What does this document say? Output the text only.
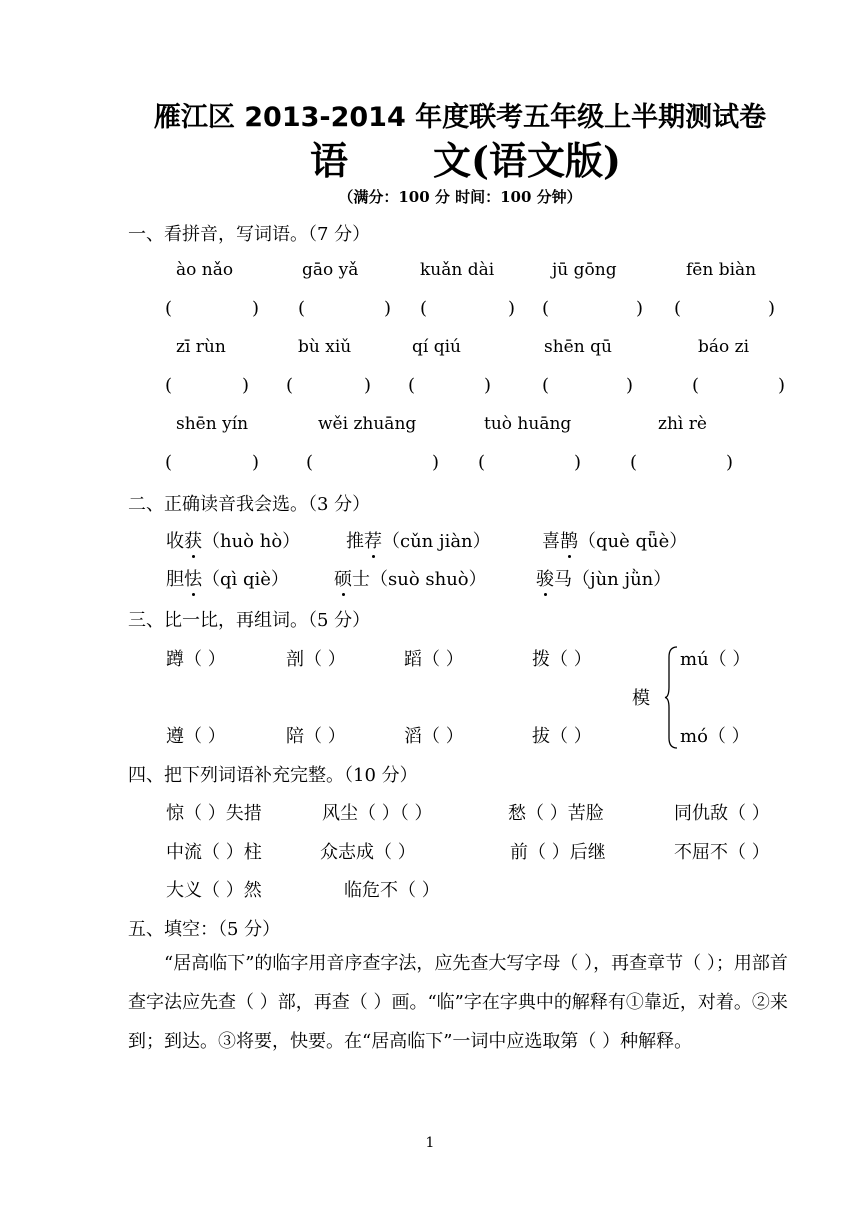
雁江区 2013-2014 年度联考五年级上半期测试卷
语 文(语文版)
（满分：100 分 时间：100 分钟）
一、看拼音，写词语。（7 分）
ào nǎo	gāo yǎ	kuǎn dài	jū gōng	fēn biàn
(	) (	) (	) (	) (	)
zī rùn	bù xiǔ	qí qiú	shēn qū	báo zi
(	) (	) (	)	(	)	(	)
shēn yín	wěi zhuāng	tuò huāng	zhì rè
(	)	(	) (	)	(	)
二、正确读音我会选。（3 分）
收获（huò hò）	推荐（cǔn jiàn）	喜鹊（què qǖè）
胆怯（qì qiè）	硕士（suò shuò）	骏马（jùn jǜn）
三、比一比，再组词。（5 分）
蹲（ ）	剖（ ）	蹈（ ）	拨（ ）
遵（ ）	陪（ ）	滔（ ）	拔（ ）
模
mú（ ）
mó（ ）
四、把下列词语补充完整。（10 分）
惊（ ）失措	风尘（ ）（ ）	愁（ ）苦脸	同仇敌（ ）
中流（ ）柱	众志成（ ）	前（ ）后继	不屈不（ ）
大义（ ）然	临危不（ ）
五、填空：（5 分）
“居高临下”的临字用音序查字法，应先查大写字母（ ），再查章节（ ）；用部首查字法应先查（ ）部，再查（ ）画。“临”字在字典中的解释有①靠近，对着。②来到；到达。③将要，快要。在“居高临下”一词中应选取第（ ）种解释。
1
